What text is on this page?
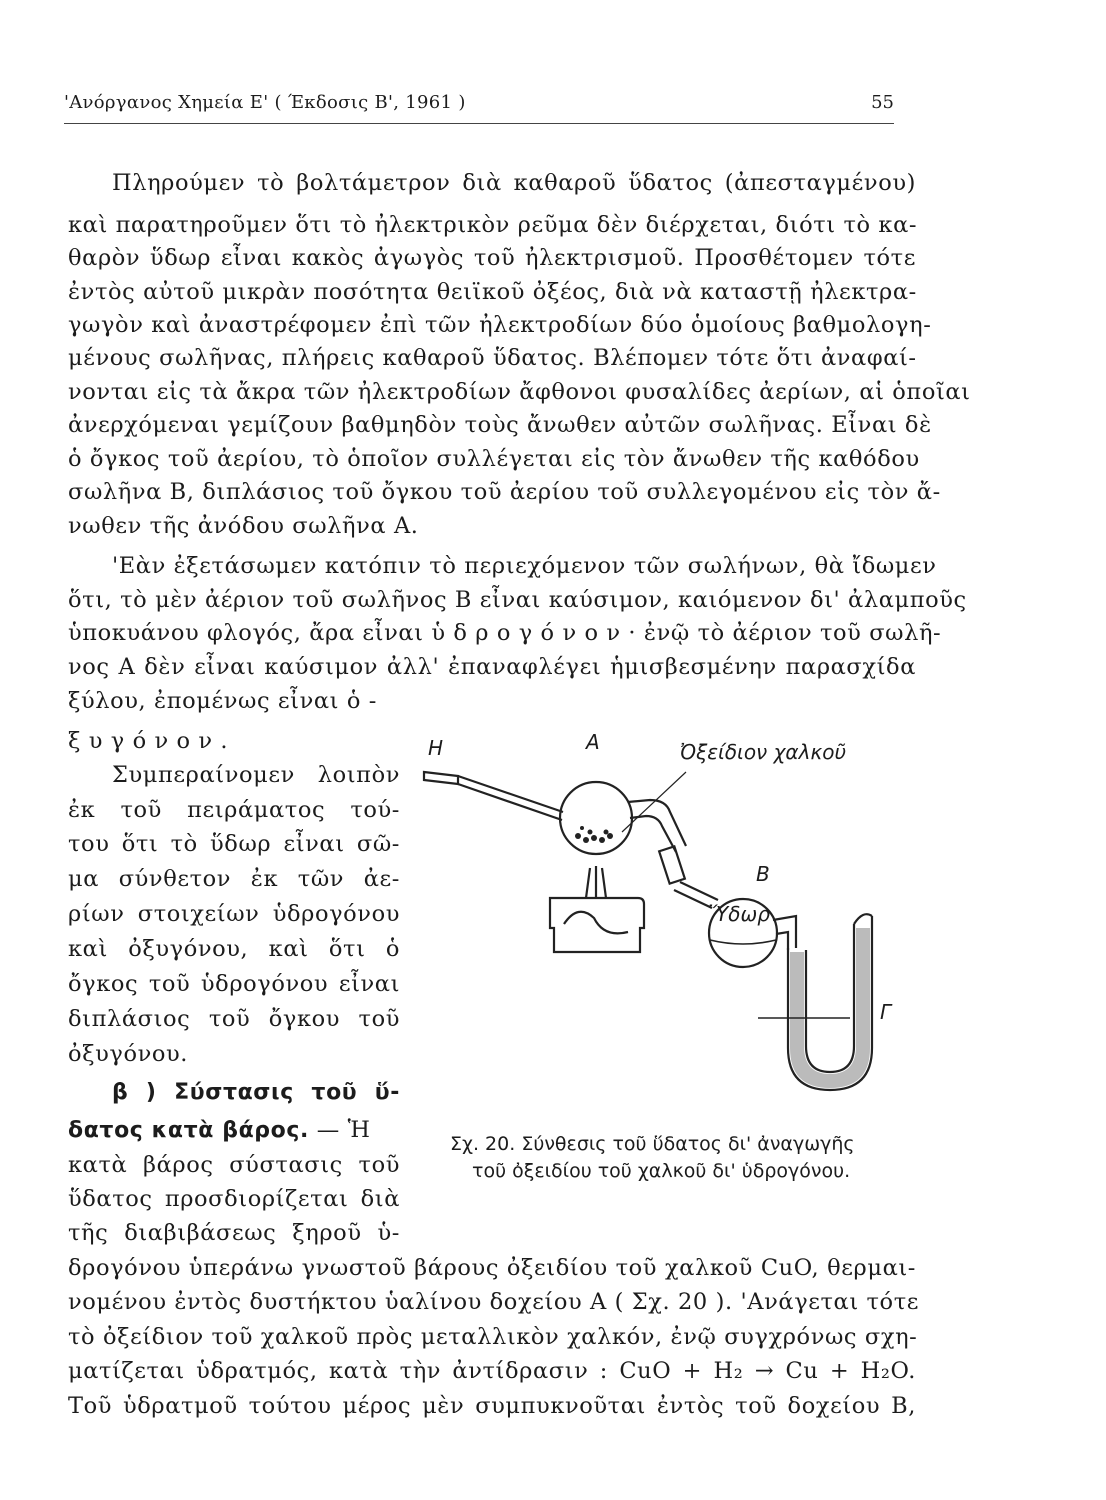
'Ανόργανος Χημεία Ε' ( Έκδοσις Β', 1961 )	55
Πληρούμεν τὸ βολτάμετρον διὰ καθαροῦ ὕδατος (ἀπεσταγμένου)
καὶ παρατηροῦμεν ὅτι τὸ ἠλεκτρικὸν ρεῦμα δὲν διέρχεται, διότι τὸ κα-
θαρὸν ὕδωρ εἶναι κακὸς ἀγωγὸς τοῦ ἠλεκτρισμοῦ. Προσθέτομεν τότε
ἐντὸς αὐτοῦ μικρὰν ποσότητα θειϊκοῦ ὀξέος, διὰ νὰ καταστῇ ἠλεκτρα-
γωγὸν καὶ ἀναστρέφομεν ἐπὶ τῶν ἠλεκτροδίων δύο ὁμοίους βαθμολογη-
μένους σωλῆνας, πλήρεις καθαροῦ ὕδατος. Βλέπομεν τότε ὅτι ἀναφαί-
νονται εἰς τὰ ἄκρα τῶν ἠλεκτροδίων ἄφθονοι φυσαλίδες ἀερίων, αἱ ὁποῖαι
ἀνερχόμεναι γεμίζουν βαθμηδὸν τοὺς ἄνωθεν αὐτῶν σωλῆνας. Εἶναι δὲ
ὁ ὄγκος τοῦ ἀερίου, τὸ ὁποῖον συλλέγεται εἰς τὸν ἄνωθεν τῆς καθόδου
σωλῆνα Β, διπλάσιος τοῦ ὄγκου τοῦ ἀερίου τοῦ συλλεγομένου εἰς τὸν ἄ-
νωθεν τῆς ἀνόδου σωλῆνα Α.
'Εὰν ἐξετάσωμεν κατόπιν τὸ περιεχόμενον τῶν σωλήνων, θὰ ἴδωμεν
ὅτι, τὸ μὲν ἀέριον τοῦ σωλῆνος Β εἶναι καύσιμον, καιόμενον δι' ἀλαμποῦς
ὑποκυάνου φλογός, ἄρα εἶναι ὑ δ ρ ο γ ό ν ο ν · ἐνῷ τὸ ἀέριον τοῦ σωλῆ-
νος Α δὲν εἶναι καύσιμον ἀλλ' ἐπαναφλέγει ἡμισβεσμένην παρασχίδα
ξύλου, ἐπομένως εἶναι ὁ -
ξ υ γ ό ν ο ν .
Συμπεραίνομεν λοιπὸν
ἐκ τοῦ πειράματος τού-
του ὅτι τὸ ὕδωρ εἶναι σῶ-
μα σύνθετον ἐκ τῶν ἀε-
ρίων στοιχείων ὑδρογόνου
καὶ ὀξυγόνου, καὶ ὅτι ὁ
ὄγκος τοῦ ὑδρογόνου εἶναι
διπλάσιος τοῦ ὄγκου τοῦ
ὀξυγόνου.
β ) Σύστασις τοῦ ὕ-
δατος κατὰ βάρος. — Ἡ
κατὰ βάρος σύστασις τοῦ
ὕδατος προσδιορίζεται διὰ
τῆς διαβιβάσεως ξηροῦ ὑ-
δρογόνου ὑπεράνω γνωστοῦ βάρους ὀξειδίου τοῦ χαλκοῦ CuO, θερμαι-
νομένου ἐντὸς δυστήκτου ὑαλίνου δοχείου Α ( Σχ. 20 ). 'Ανάγεται τότε
τὸ ὀξείδιον τοῦ χαλκοῦ πρὸς μεταλλικὸν χαλκόν, ἐνῷ συγχρόνως σχη-
ματίζεται ὑδρατμός, κατὰ τὴν ἀντίδρασιν : CuO + H₂ → Cu + H₂O.
Τοῦ ὑδρατμοῦ τούτου μέρος μὲν συμπυκνοῦται ἐντὸς τοῦ δοχείου Β,
H	A	Ὀξείδιον χαλκοῦ
B
Ὕδωρ
Γ
Σχ. 20. Σύνθεσις τοῦ ὕδατος δι' ἀναγωγῆς
τοῦ ὀξειδίου τοῦ χαλκοῦ δι' ὑδρογόνου.
